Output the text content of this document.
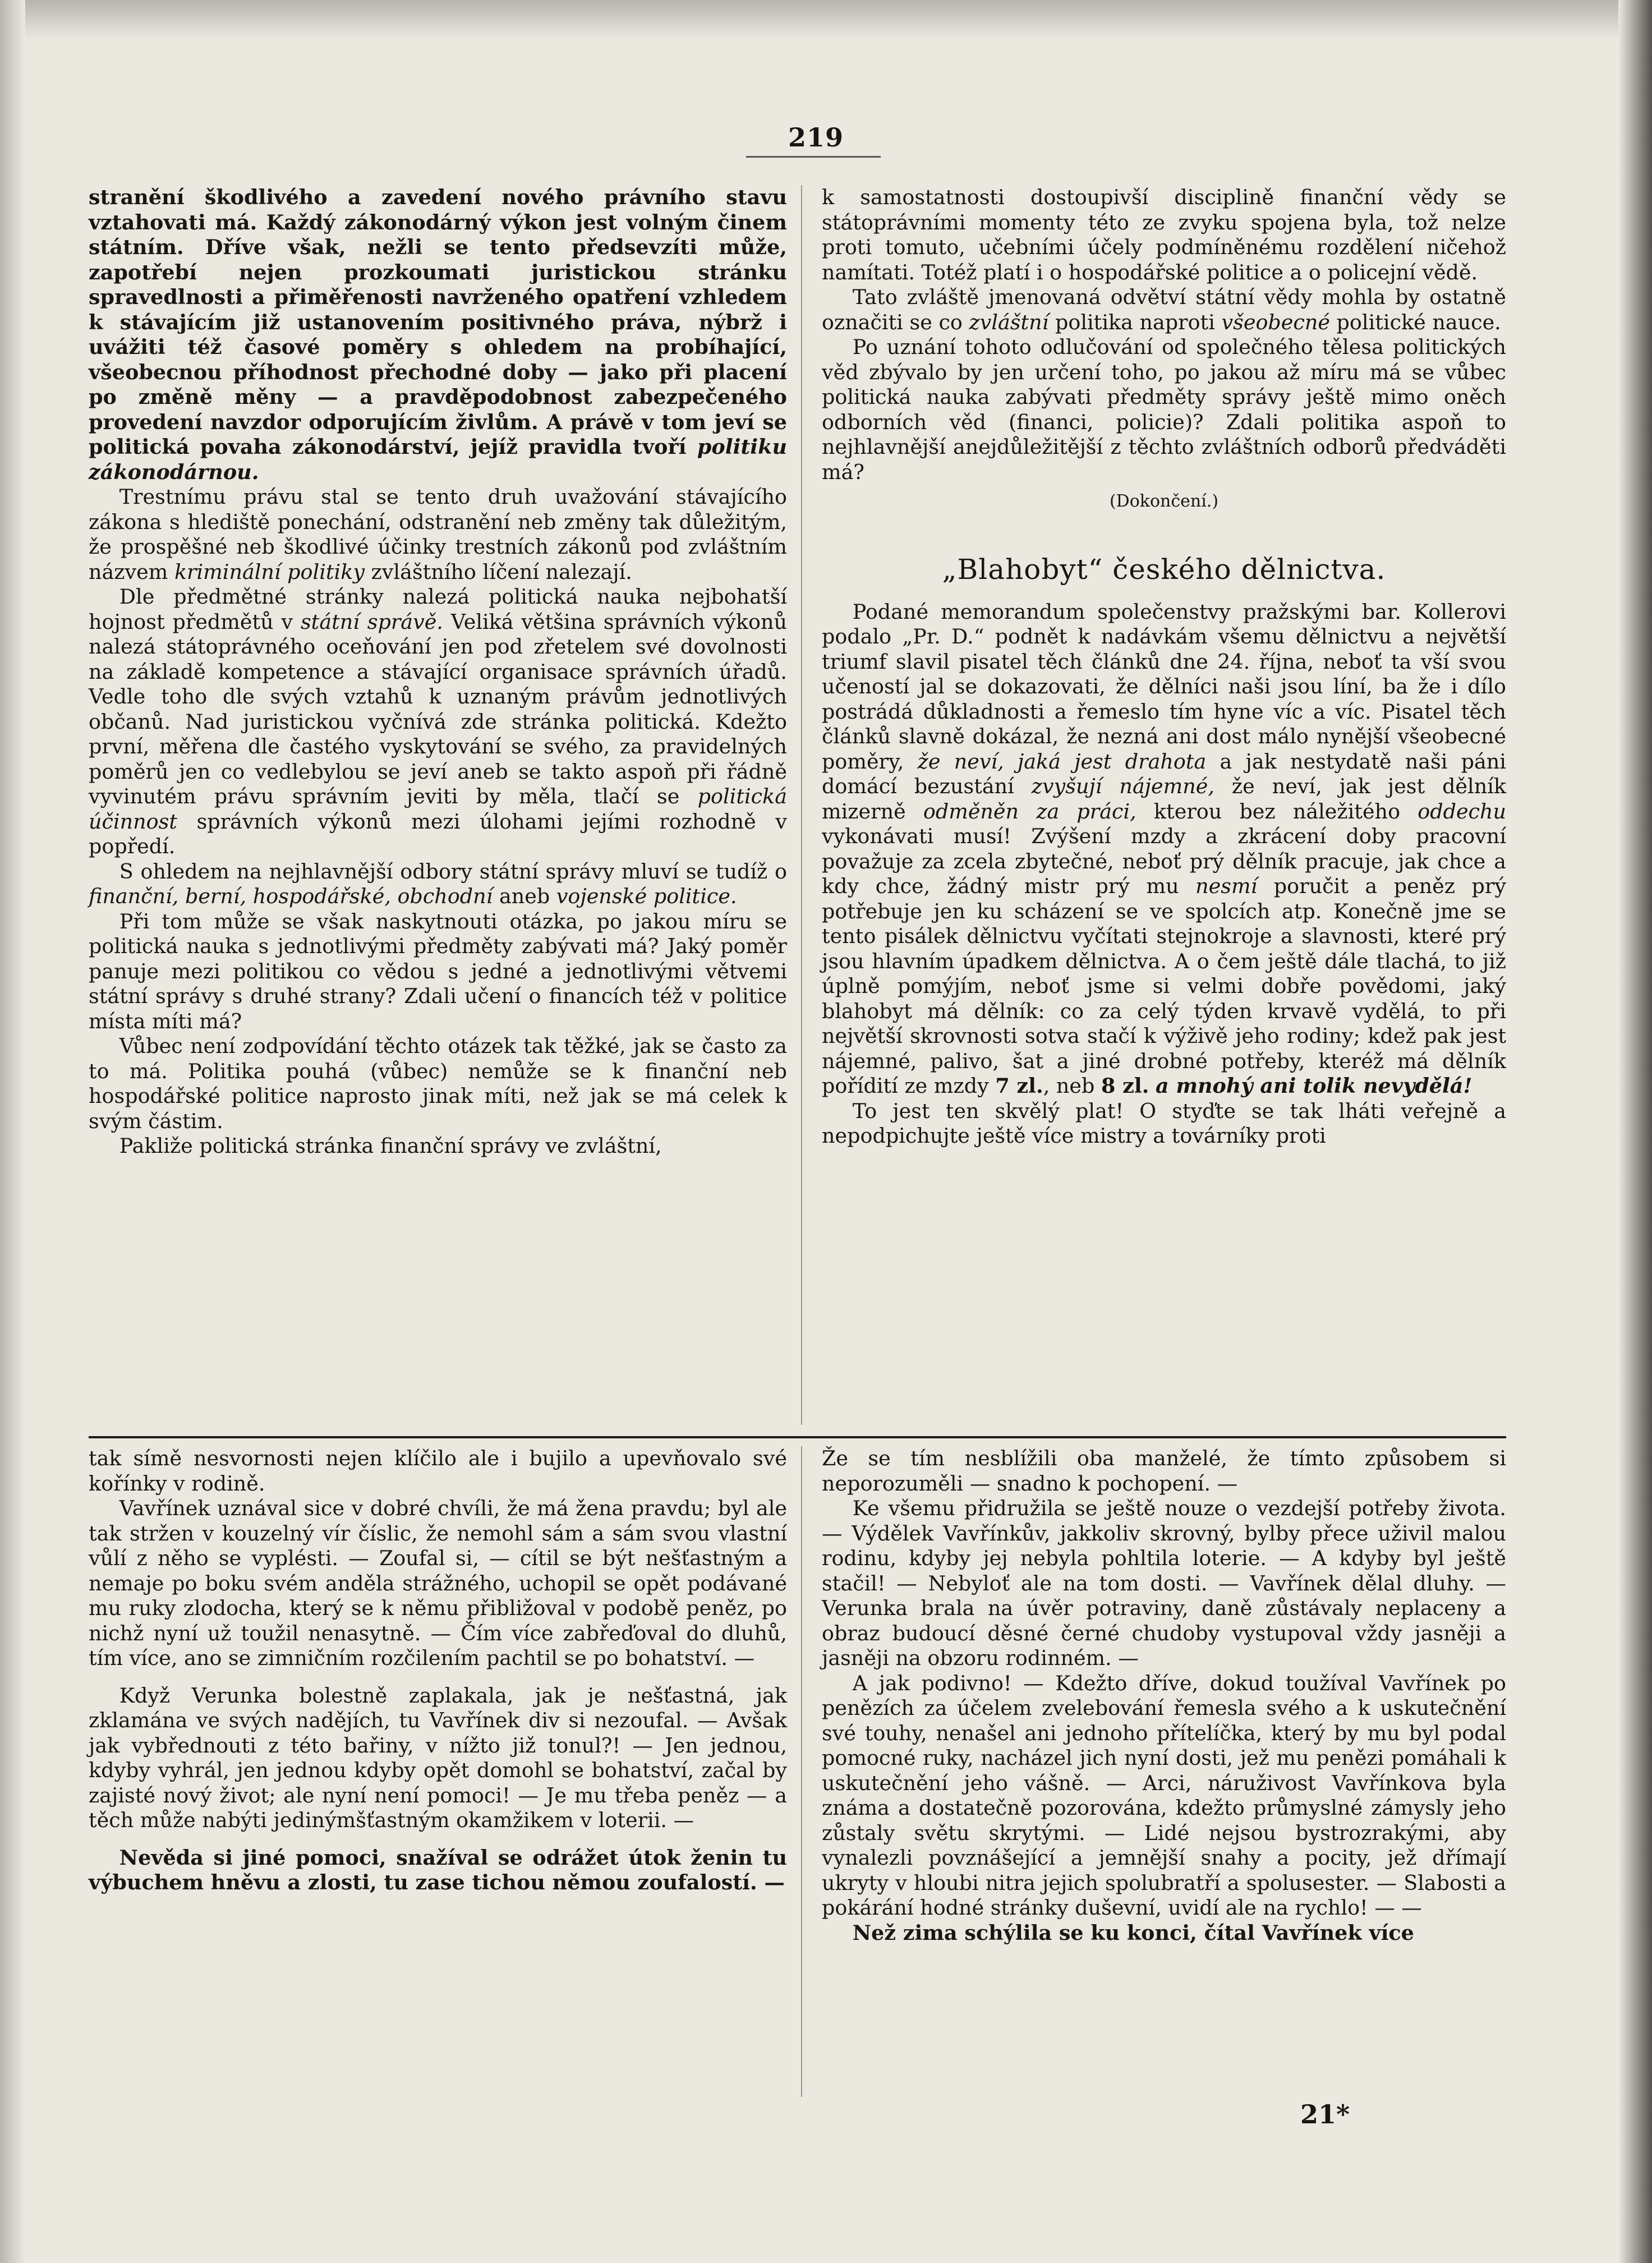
219

stranění škodlivého a zavedení nového právního stavu vztahovati má. Každý zákonodárný výkon jest volným činem státním. Dříve však, nežli se tento předsevzíti může, zapotřebí nejen prozkoumati juristickou stránku spravedlnosti a přiměřenosti navrženého opatření vzhledem k stávajícím již ustanovením positivného práva, nýbrž i uvážiti též časové poměry s ohledem na probíhající, všeobecnou příhodnost přechodné doby — jako při placení po změně měny — a pravděpodobnost zabezpečeného provedení navzdor odporujícím živlům. A právě v tom jeví se politická povaha zákonodárství, jejíž pravidla tvoří politiku zákonodárnou.

Trestnímu právu stal se tento druh uvažování stávajícího zákona s hlediště ponechání, odstranění neb změny tak důležitým, že prospěšné neb škodlivé účinky trestních zákonů pod zvláštním názvem kriminální politiky zvláštního líčení nalezají.

Dle předmětné stránky nalezá politická nauka nejbohatší hojnost předmětů v státní správě. Veliká většina správních výkonů nalezá státoprávného oceňování jen pod zřetelem své dovolnosti na základě kompetence a stávající organisace správních úřadů. Vedle toho dle svých vztahů k uznaným právům jednotlivých občanů. Nad juristickou vyčnívá zde stránka politická. Kdežto první, měřena dle častého vyskytování se svého, za pravidelných poměrů jen co vedlebylou se jeví aneb se takto aspoň při řádně vyvinutém právu správním jeviti by měla, tlačí se politická účinnost správních výkonů mezi úlohami jejími rozhodně v popředí.

S ohledem na nejhlavnější odbory státní správy mluví se tudíž o finanční, berní, hospodářské, obchodní aneb vojenské politice.

Při tom může se však naskytnouti otázka, po jakou míru se politická nauka s jednotlivými předměty zabývati má? Jaký poměr panuje mezi politikou co vědou s jedné a jednotlivými větvemi státní správy s druhé strany? Zdali učení o financích též v politice místa míti má?

Vůbec není zodpovídání těchto otázek tak těžké, jak se často za to má. Politika pouhá (vůbec) nemůže se k finanční neb hospodářské politice naprosto jinak míti, než jak se má celek k svým částim.

Pakliže politická stránka finanční správy ve zvláštní,

k samostatnosti dostoupivší disciplině finanční vědy se státoprávními momenty této ze zvyku spojena byla, tož nelze proti tomuto, učebními účely podmíněnému rozdělení ničehož namítati. Totéž platí i o hospodářské politice a o policejní vědě.

Tato zvláště jmenovaná odvětví státní vědy mohla by ostatně označiti se co zvláštní politika naproti všeobecné politické nauce.

Po uznání tohoto odlučování od společného tělesa politických věd zbývalo by jen určení toho, po jakou až míru má se vůbec politická nauka zabývati předměty správy ještě mimo oněch odborních věd (financi, policie)? Zdali politika aspoň to nejhlavnější anejdůležitější z těchto zvláštních odborů předváděti má?

(Dokončení.)

„Blahobyt“ českého dělnictva.

Podané memorandum společenstvy pražskými bar. Kollerovi podalo „Pr. D.“ podnět k nadávkám všemu dělnictvu a největší triumf slavil pisatel těch článků dne 24. října, neboť ta vší svou učeností jal se dokazovati, že dělníci naši jsou líní, ba že i dílo postrádá důkladnosti a řemeslo tím hyne víc a víc. Pisatel těch článků slavně dokázal, že nezná ani dost málo nynější všeobecné poměry, že neví, jaká jest drahota a jak nestydatě naši páni domácí bezustání zvyšují nájemné, že neví, jak jest dělník mizerně odměněn za práci, kterou bez náležitého oddechu vykonávati musí! Zvýšení mzdy a zkrácení doby pracovní považuje za zcela zbytečné, neboť prý dělník pracuje, jak chce a kdy chce, žádný mistr prý mu nesmí poručit a peněz prý potřebuje jen ku scházení se ve spolcích atp. Konečně jme se tento pisálek dělnictvu vyčítati stejnokroje a slavnosti, které prý jsou hlavním úpadkem dělnictva. A o čem ještě dále tlachá, to již úplně pomýjím, neboť jsme si velmi dobře povědomi, jaký blahobyt má dělník: co za celý týden krvavě vydělá, to při největší skrovnosti sotva stačí k výživě jeho rodiny; kdež pak jest nájemné, palivo, šat a jiné drobné potřeby, kteréž má dělník pořídití ze mzdy 7 zl., neb 8 zl. a mnohý ani tolik nevydělá!

To jest ten skvělý plat! O styďte se tak lháti veřejně a nepodpichujte ještě více mistry a továrníky proti

tak símě nesvornosti nejen klíčilo ale i bujilo a upevňovalo své kořínky v rodině.

Vavřínek uznával sice v dobré chvíli, že má žena pravdu; byl ale tak stržen v kouzelný vír číslic, že nemohl sám a sám svou vlastní vůlí z něho se vyplésti. — Zoufal si, — cítil se být nešťastným a nemaje po boku svém anděla strážného, uchopil se opět podávané mu ruky zlodocha, který se k němu přibližoval v podobě peněz, po nichž nyní už toužil nenasytně. — Čím více zabřeďoval do dluhů, tím více, ano se zimničním rozčilením pachtil se po bohatství. —

Když Verunka bolestně zaplakala, jak je nešťastná, jak zklamána ve svých nadějích, tu Vavřínek div si nezoufal. — Avšak jak vybřednouti z této bařiny, v nížto již tonul?! — Jen jednou, kdyby vyhrál, jen jednou kdyby opět domohl se bohatství, začal by zajisté nový život; ale nyní není pomoci! — Je mu třeba peněz — a těch může nabýti jedinýmšťastným okamžikem v loterii. —

Nevěda si jiné pomoci, snažíval se odrážet útok ženin tu výbuchem hněvu a zlosti, tu zase tichou němou zoufalostí. —

Že se tím nesblížili oba manželé, že tímto způsobem si neporozuměli — snadno k pochopení. —

Ke všemu přidružila se ještě nouze o vezdejší potřeby života. — Výdělek Vavřínkův, jakkoliv skrovný, bylby přece uživil malou rodinu, kdyby jej nebyla pohltila loterie. — A kdyby byl ještě stačil! — Nebyloť ale na tom dosti. — Vavřínek dělal dluhy. — Verunka brala na úvěr potraviny, daně zůstávaly neplaceny a obraz budoucí děsné černé chudoby vystupoval vždy jasněji a jasněji na obzoru rodinném. —

A jak podivno! — Kdežto dříve, dokud toužíval Vavřínek po penězích za účelem zvelebování řemesla svého a k uskutečnění své touhy, nenašel ani jednoho přítelíčka, který by mu byl podal pomocné ruky, nacházel jich nyní dosti, jež mu penězi pomáhali k uskutečnění jeho vášně. — Arci, náruživost Vavřínkova byla známa a dostatečně pozorována, kdežto průmyslné zámysly jeho zůstaly světu skrytými. — Lidé nejsou bystrozrakými, aby vynalezli povznášející a jemnější snahy a pocity, jež dřímají ukryty v hloubi nitra jejich spolubratří a spolusester. — Slabosti a pokárání hodné stránky duševní, uvidí ale na rychlo! — —

Než zima schýlila se ku konci, čítal Vavřínek více

21*
